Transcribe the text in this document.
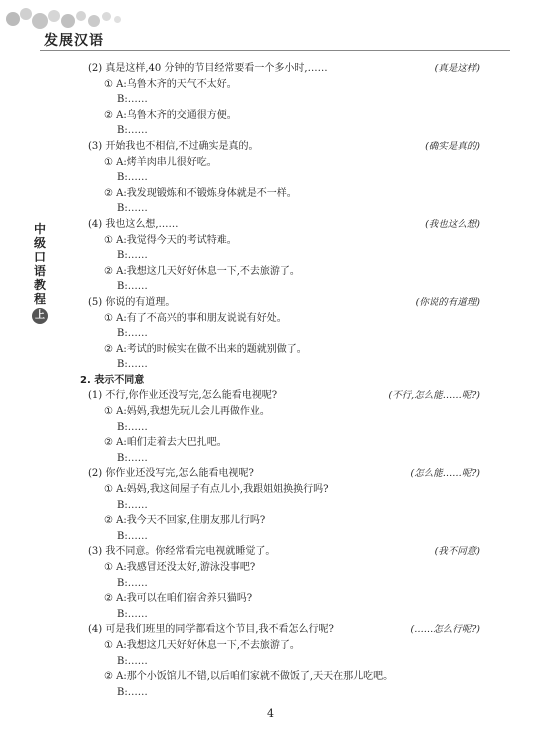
发展汉语
中
级
口
语
教
程
上
(2) 真是这样,40 分钟的节目经常要看一个多小时,……	(真是这样)
① A:乌鲁木齐的天气不太好。
B:……
② A:乌鲁木齐的交通很方便。
B:……
(3) 开始我也不相信,不过确实是真的。	(确实是真的)
① A:烤羊肉串儿很好吃。
B:……
② A:我发现锻炼和不锻炼身体就是不一样。
B:……
(4) 我也这么想,……	(我也这么想)
① A:我觉得今天的考试特难。
B:……
② A:我想这几天好好休息一下,不去旅游了。
B:……
(5) 你说的有道理。	(你说的有道理)
① A:有了不高兴的事和朋友说说有好处。
B:……
② A:考试的时候实在做不出来的题就别做了。
B:……
2. 表示不同意
(1) 不行,你作业还没写完,怎么能看电视呢?	(不行,怎么能……呢?)
① A:妈妈,我想先玩儿会儿再做作业。
B:……
② A:咱们走着去大巴扎吧。
B:……
(2) 你作业还没写完,怎么能看电视呢?	(怎么能……呢?)
① A:妈妈,我这间屋子有点儿小,我跟姐姐换换行吗?
B:……
② A:我今天不回家,住朋友那儿行吗?
B:……
(3) 我不同意。你经常看完电视就睡觉了。	(我不同意)
① A:我感冒还没太好,游泳没事吧?
B:……
② A:我可以在咱们宿舍养只猫吗?
B:……
(4) 可是我们班里的同学都看这个节目,我不看怎么行呢?	(……怎么行呢?)
① A:我想这几天好好休息一下,不去旅游了。
B:……
② A:那个小饭馆儿不错,以后咱们家就不做饭了,天天在那儿吃吧。
B:……
4
